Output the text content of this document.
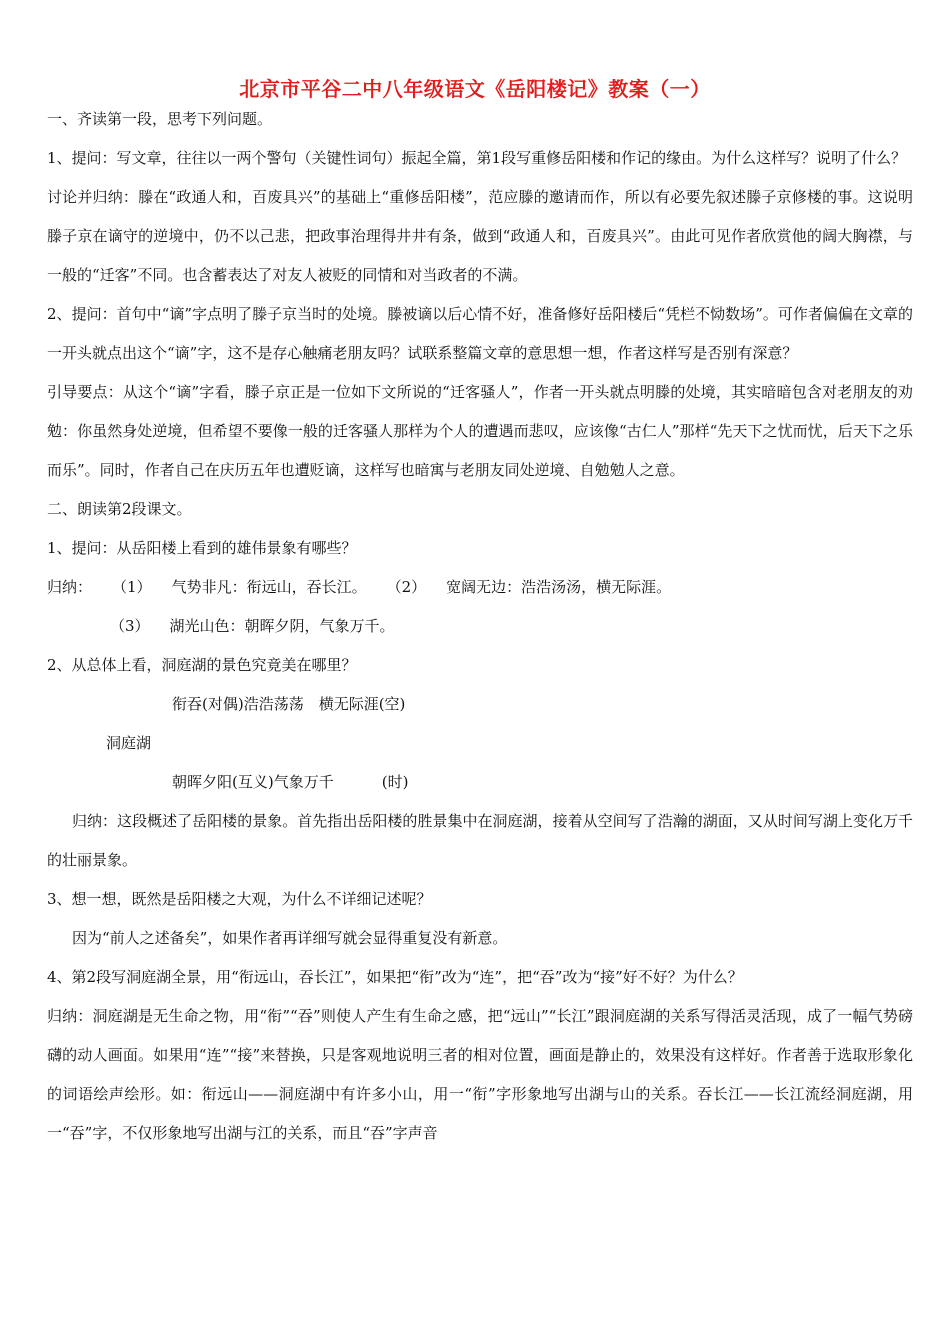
北京市平谷二中八年级语文《岳阳楼记》教案（一）

一、齐读第一段，思考下列问题。

1、提问：写文章，往往以一两个警句（关键性词句）振起全篇，第1段写重修岳阳楼和作记的缘由。为什么这样写？说明了什么？

讨论并归纳：滕在“政通人和，百废具兴”的基础上“重修岳阳楼”，范应滕的邀请而作，所以有必要先叙述滕子京修楼的事。这说明滕子京在谪守的逆境中，仍不以己悲，把政事治理得井井有条，做到“政通人和，百废具兴”。由此可见作者欣赏他的阔大胸襟，与一般的“迁客”不同。也含蓄表达了对友人被贬的同情和对当政者的不满。

2、提问：首句中“谪”字点明了滕子京当时的处境。滕被谪以后心情不好，准备修好岳阳楼后“凭栏不恸数场”。可作者偏偏在文章的一开头就点出这个“谪”字，这不是存心触痛老朋友吗？试联系整篇文章的意思想一想，作者这样写是否别有深意？

引导要点：从这个“谪”字看，滕子京正是一位如下文所说的“迁客骚人”，作者一开头就点明滕的处境，其实暗暗包含对老朋友的劝勉：你虽然身处逆境，但希望不要像一般的迁客骚人那样为个人的遭遇而悲叹，应该像“古仁人”那样“先天下之忧而忧，后天下之乐而乐”。同时，作者自己在庆历五年也遭贬谪，这样写也暗寓与老朋友同处逆境、自勉勉人之意。

二、朗读第2段课文。

1、提问：从岳阳楼上看到的雄伟景象有哪些？

归纳： （1） 气势非凡：衔远山，吞长江。 （2） 宽阔无边：浩浩汤汤，横无际涯。
（3） 湖光山色：朝晖夕阴，气象万千。

2、从总体上看，洞庭湖的景色究竟美在哪里？

衔吞(对偶)浩浩荡荡　横无际涯(空)
洞庭湖
朝晖夕阳(互义)气象万千	(时)

归纳：这段概述了岳阳楼的景象。首先指出岳阳楼的胜景集中在洞庭湖，接着从空间写了浩瀚的湖面，又从时间写湖上变化万千的壮丽景象。

3、想一想，既然是岳阳楼之大观，为什么不详细记述呢？

因为“前人之述备矣”，如果作者再详细写就会显得重复没有新意。

4、第2段写洞庭湖全景，用“衔远山，吞长江”，如果把“衔”改为“连”，把“吞”改为“接”好不好？为什么？

归纳：洞庭湖是无生命之物，用“衔”“吞”则使人产生有生命之感，把“远山”“长江”跟洞庭湖的关系写得活灵活现，成了一幅气势磅礴的动人画面。如果用“连”“接”来替换，只是客观地说明三者的相对位置，画面是静止的，效果没有这样好。作者善于选取形象化的词语绘声绘形。如：衔远山——洞庭湖中有许多小山，用一“衔”字形象地写出湖与山的关系。吞长江——长江流经洞庭湖，用一“吞”字，不仅形象地写出湖与江的关系，而且“吞”字声音
